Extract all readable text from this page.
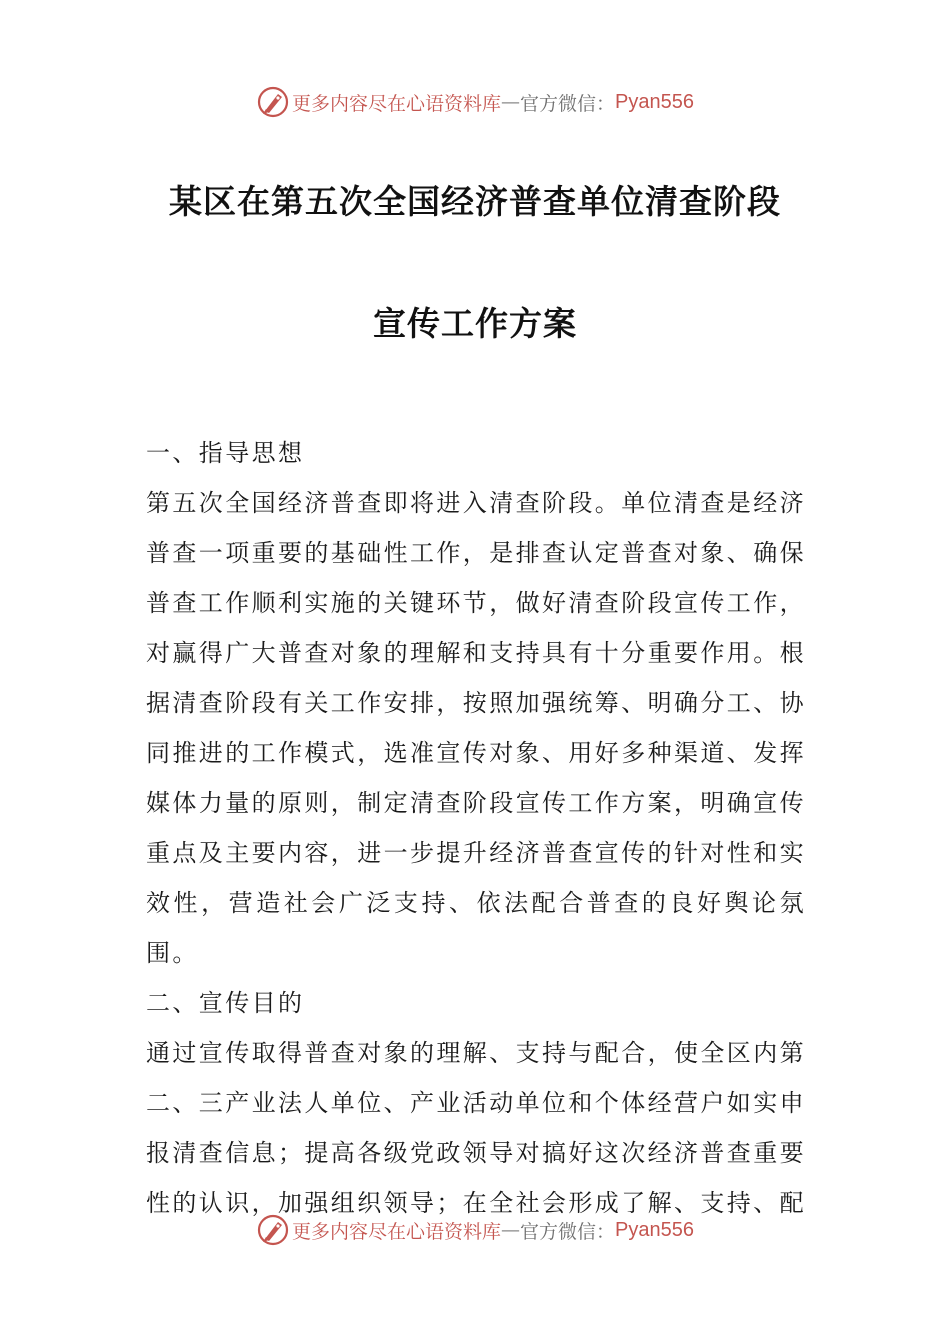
更多内容尽在心语资料库 — 官方微信： Pyan556
某区在第五次全国经济普查单位清查阶段
宣传工作方案

一、指导思想

第五次全国经济普查即将进入清查阶段。单位清查是经济普查一项重要的基础性工作，是排查认定普查对象、确保普查工作顺利实施的关键环节，做好清查阶段宣传工作，对赢得广大普查对象的理解和支持具有十分重要作用。根据清查阶段有关工作安排，按照加强统筹、明确分工、协同推进的工作模式，选准宣传对象、用好多种渠道、发挥媒体力量的原则，制定清查阶段宣传工作方案，明确宣传重点及主要内容，进一步提升经济普查宣传的针对性和实效性，营造社会广泛支持、依法配合普查的良好舆论氛围。

二、宣传目的

通过宣传取得普查对象的理解、支持与配合，使全区内第二、三产业法人单位、产业活动单位和个体经营户如实申报清查信息；提高各级党政领导对搞好这次经济普查重要性的认识，加强组织领导；在全社会形成了解、支持、配

更多内容尽在心语资料库 — 官方微信： Pyan556
